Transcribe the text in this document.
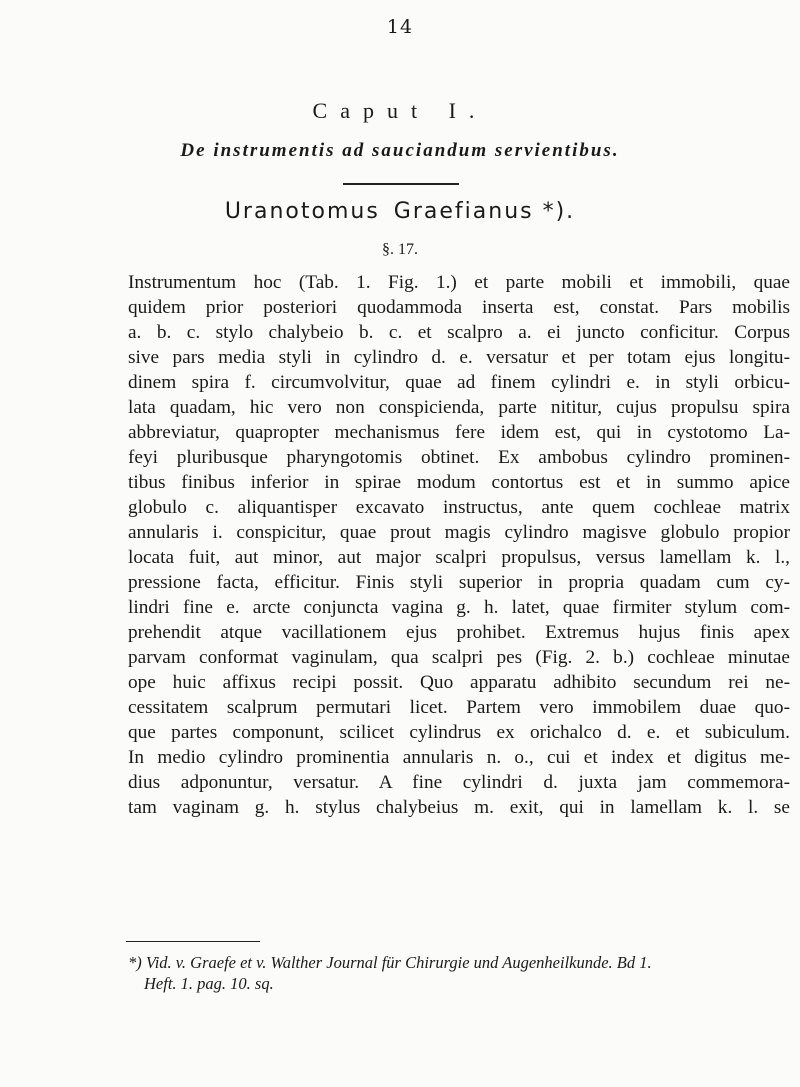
14
Caput I.
De instrumentis ad sauciandum servientibus.
Uranotomus Graefianus *).
§. 17.
Instrumentum hoc (Tab. 1. Fig. 1.) et parte mobili et immobili, quae
quidem prior posteriori quodammoda inserta est, constat. Pars mobilis
a. b. c. stylo chalybeio b. c. et scalpro a. ei juncto conficitur. Corpus
sive pars media styli in cylindro d. e. versatur et per totam ejus longitu-
dinem spira f. circumvolvitur, quae ad finem cylindri e. in styli orbicu-
lata quadam, hic vero non conspicienda, parte nititur, cujus propulsu spira
abbreviatur, quapropter mechanismus fere idem est, qui in cystotomo La-
feyi pluribusque pharyngotomis obtinet. Ex ambobus cylindro prominen-
tibus finibus inferior in spirae modum contortus est et in summo apice
globulo c. aliquantisper excavato instructus, ante quem cochleae matrix
annularis i. conspicitur, quae prout magis cylindro magisve globulo propior
locata fuit, aut minor, aut major scalpri propulsus, versus lamellam k. l.,
pressione facta, efficitur. Finis styli superior in propria quadam cum cy-
lindri fine e. arcte conjuncta vagina g. h. latet, quae firmiter stylum com-
prehendit atque vacillationem ejus prohibet. Extremus hujus finis apex
parvam conformat vaginulam, qua scalpri pes (Fig. 2. b.) cochleae minutae
ope huic affixus recipi possit. Quo apparatu adhibito secundum rei ne-
cessitatem scalprum permutari licet. Partem vero immobilem duae quo-
que partes componunt, scilicet cylindrus ex orichalco d. e. et subiculum.
In medio cylindro prominentia annularis n. o., cui et index et digitus me-
dius adponuntur, versatur. A fine cylindri d. juxta jam commemora-
tam vaginam g. h. stylus chalybeius m. exit, qui in lamellam k. l. se
*) Vid. v. Graefe et v. Walther Journal für Chirurgie und Augenheilkunde. Bd 1.
Heft. 1. pag. 10. sq.
